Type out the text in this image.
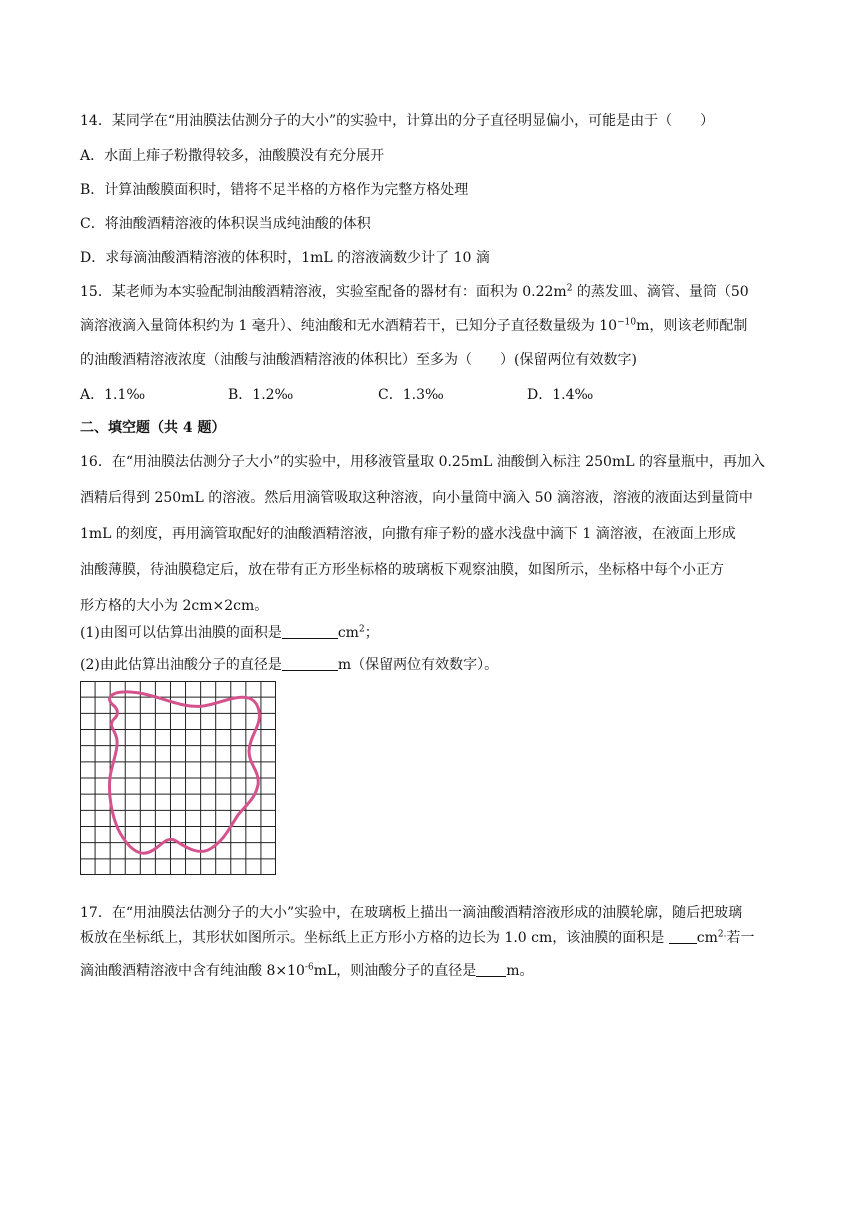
14．某同学在“用油膜法估测分子的大小”的实验中，计算出的分子直径明显偏小，可能是由于（　　）
A．水面上痱子粉撒得较多，油酸膜没有充分展开
B．计算油酸膜面积时，错将不足半格的方格作为完整方格处理
C．将油酸酒精溶液的体积误当成纯油酸的体积
D．求每滴油酸酒精溶液的体积时，1mL 的溶液滴数少计了 10 滴
15．某老师为本实验配制油酸酒精溶液，实验室配备的器材有：面积为 $0.22m^2$ 的蒸发皿、滴管、量筒（50
滴溶液滴入量筒体积约为 1 毫升）、纯油酸和无水酒精若干，已知分子直径数量级为 $10^{-10}m$，则该老师配制
的油酸酒精溶液浓度（油酸与油酸酒精溶液的体积比）至多为（　　）(保留两位有效数字)
A．1.1‰	B．1.2‰	C．1.3‰	D．1.4‰
二、填空题（共 4 题）
16．在“用油膜法估测分子大小”的实验中，用移液管量取 0.25mL 油酸倒入标注 250mL 的容量瓶中，再加入
酒精后得到 250mL 的溶液。然后用滴管吸取这种溶液，向小量筒中滴入 50 滴溶液，溶液的液面达到量筒中
1mL 的刻度，再用滴管取配好的油酸酒精溶液，向撒有痱子粉的盛水浅盘中滴下 1 滴溶液，在液面上形成
油酸薄膜，待油膜稳定后，放在带有正方形坐标格的玻璃板下观察油膜，如图所示，坐标格中每个小正方
形方格的大小为 2cm×2cm。
(1)由图可以估算出油膜的面积是	$cm^2$；
(2)由此估算出油酸分子的直径是	m（保留两位有效数字）。
17．在“用油膜法估测分子的大小”实验中，在玻璃板上描出一滴油酸酒精溶液形成的油膜轮廓，随后把玻璃
板放在坐标纸上，其形状如图所示。坐标纸上正方形小方格的边长为 1.0 cm，该油膜的面积是 $cm^{2.}$若一
滴油酸酒精溶液中含有纯油酸 $8\times 10^{-6}mL$，则油酸分子的直径是 m。
